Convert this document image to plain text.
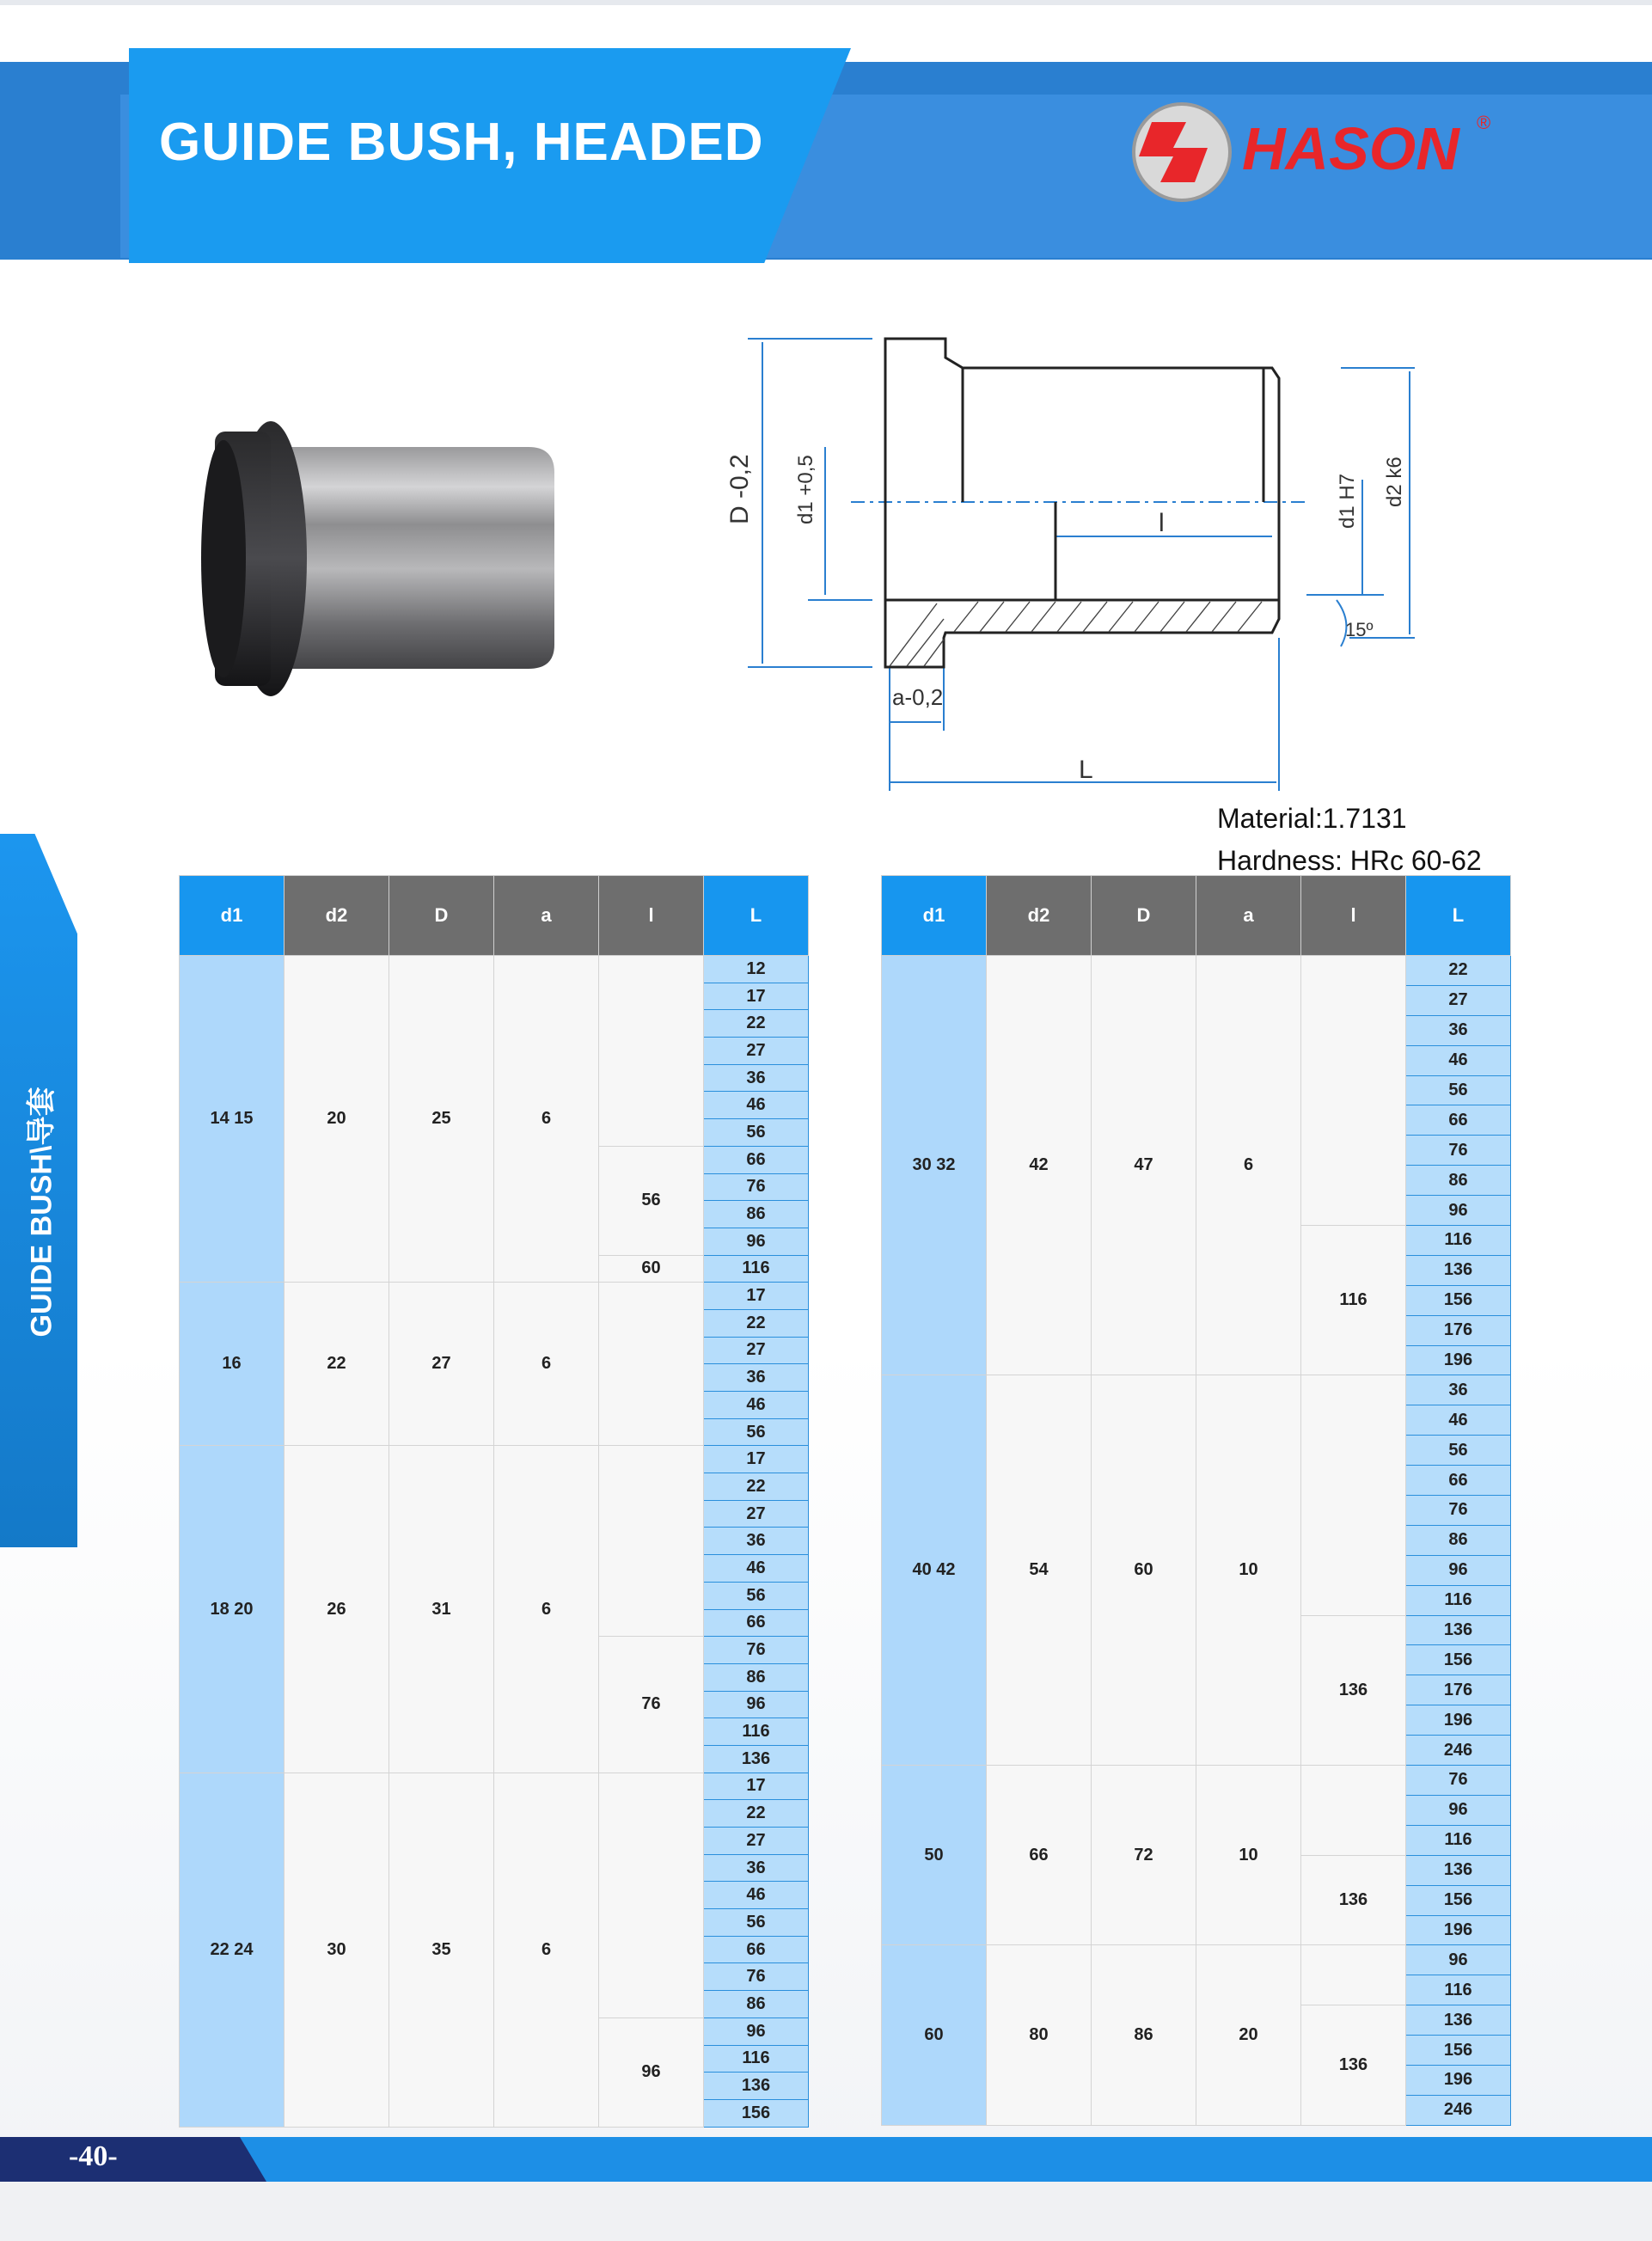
GUIDE BUSH, HEADED	HASON ®
GUIDE BUSH\导套
D -0,2 d1 +0,5
a-0,2
L
l	d1 H7 d2 k6
15º
Material:1.7131
Hardness: HRc 60-62
d1	d2	D	a	l	L
14 15	20	25	6		12
					17
					22
					27
					36
					46
					56
				56	66
					76
					86
					96
				60	116
16	22	27	6		17
					22
					27
					36
					46
					56
18 20	26	31	6		17
					22
					27
					36
					46
					56
					66
				76	76
					86
					96
					116
					136
22 24	30	35	6		17
					22
					27
					36
					46
					56
					66
					76
					86
				96	96
					116
					136
					156
d1	d2	D	a	l	L
30 32	42	47	6		22
					27
					36
					46
					56
					66
					76
					86
					96
				116	116
					136
					156
					176
					196
40 42	54	60	10		36
					46
					56
					66
					76
					86
					96
					116
				136	136
					156
					176
					196
					246
50	66	72	10		76
					96
					116
				136	136
					156
					196
60	80	86	20		96
					116
				136	136
					156
					196
					246
-40-
